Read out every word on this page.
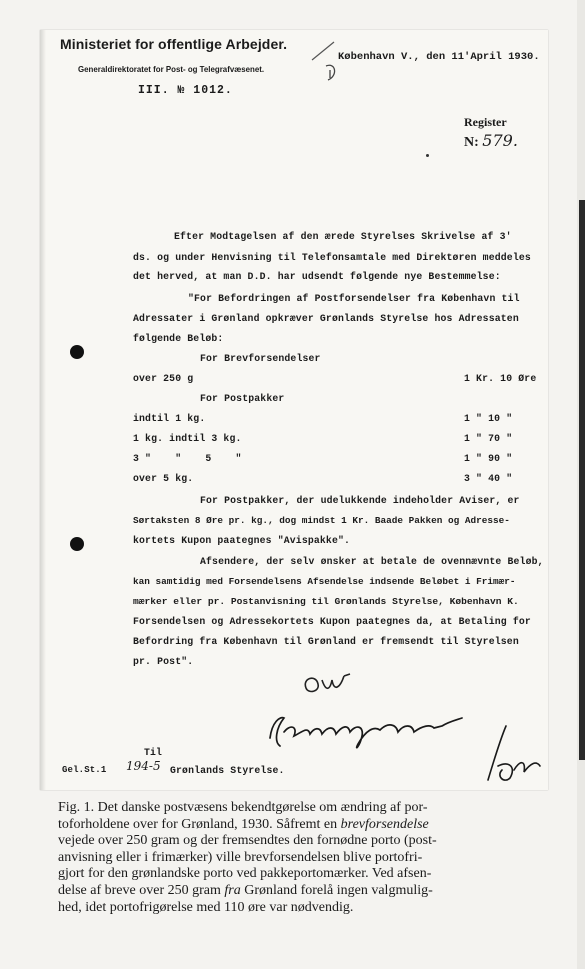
Ministeriet for offentlige Arbejder.
Generaldirektoratet for Post- og Telegrafvæsenet.
III. № 1012.
København V., den 11'April 1930.
Register
N: 579.
Efter Modtagelsen af den ærede Styrelses Skrivelse af 3'
ds. og under Henvisning til Telefonsamtale med Direktøren meddeles
det herved, at man D.D. har udsendt følgende nye Bestemmelse:
"For Befordringen af Postforsendelser fra København til
Adressater i Grønland opkræver Grønlands Styrelse hos Adressaten
følgende Beløb:
For Brevforsendelser
over 250 g	1 Kr. 10 Øre
For Postpakker
indtil 1 kg.	1 " 10 "
1 kg. indtil 3 kg.	1 " 70 "
3 "    "    5    "	1 " 90 "
over 5 kg.	3 " 40 "
For Postpakker, der udelukkende indeholder Aviser, er
Sørtaksten 8 Øre pr. kg., dog mindst 1 Kr. Baade Pakken og Adresse-
kortets Kupon paategnes "Avispakke".
Afsendere, der selv ønsker at betale de ovennævnte Beløb,
kan samtidig med Forsendelsens Afsendelse indsende Beløbet i Frimær-
mærker eller pr. Postanvisning til Grønlands Styrelse, København K.
Forsendelsen og Adressekortets Kupon paategnes da, at Betaling for
Befordring fra København til Grønland er fremsendt til Styrelsen
pr. Post".
Til
Gel.St.1 194-5 Grønlands Styrelse.
Fig. 1. Det danske postvæsens bekendtgørelse om ændring af por-
toforholdene over for Grønland, 1930. Såfremt en brevforsendelse
vejede over 250 gram og der fremsendtes den fornødne porto (post-
anvisning eller i frimærker) ville brevforsendelsen blive portofri-
gjort for den grønlandske porto ved pakkeportomærker. Ved afsen-
delse af breve over 250 gram fra Grønland forelå ingen valgmulig-
hed, idet portofrigørelse med 110 øre var nødvendig.
